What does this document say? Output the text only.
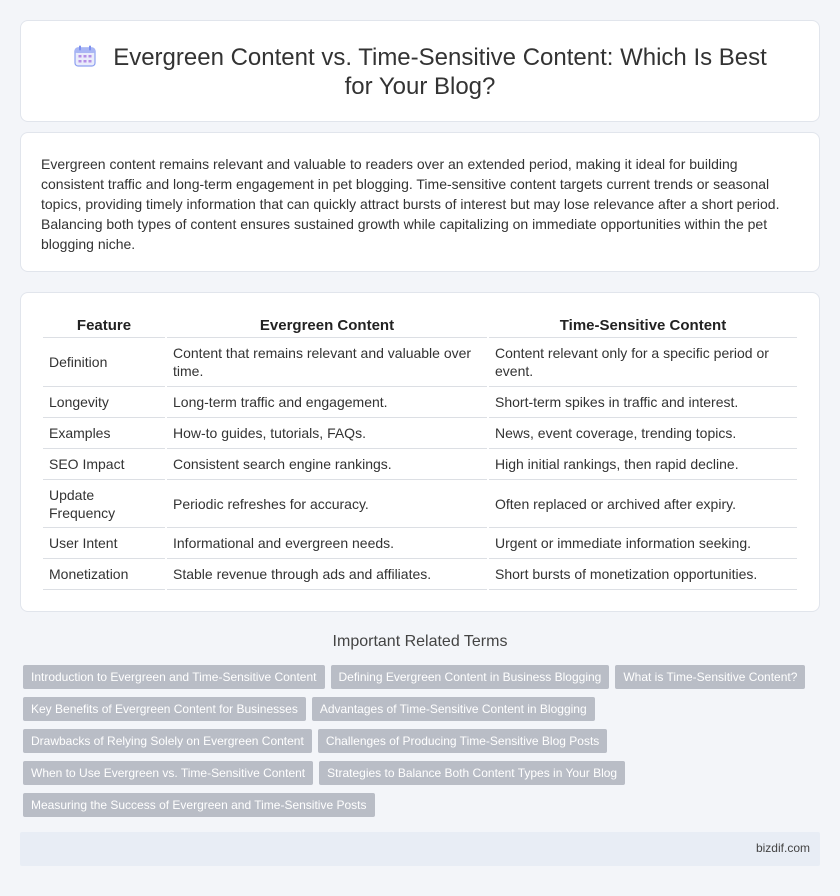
Evergreen Content vs. Time-Sensitive Content: Which Is Best for Your Blog?

Evergreen content remains relevant and valuable to readers over an extended period, making it ideal for building consistent traffic and long-term engagement in pet blogging. Time-sensitive content targets current trends or seasonal topics, providing timely information that can quickly attract bursts of interest but may lose relevance after a short period. Balancing both types of content ensures sustained growth while capitalizing on immediate opportunities within the pet blogging niche.

Feature	Evergreen Content	Time-Sensitive Content
Definition	Content that remains relevant and valuable over time.	Content relevant only for a specific period or event.
Longevity	Long-term traffic and engagement.	Short-term spikes in traffic and interest.
Examples	How-to guides, tutorials, FAQs.	News, event coverage, trending topics.
SEO Impact	Consistent search engine rankings.	High initial rankings, then rapid decline.
Update Frequency	Periodic refreshes for accuracy.	Often replaced or archived after expiry.
User Intent	Informational and evergreen needs.	Urgent or immediate information seeking.
Monetization	Stable revenue through ads and affiliates.	Short bursts of monetization opportunities.
Important Related Terms
Introduction to Evergreen and Time-Sensitive Content	Defining Evergreen Content in Business Blogging	What is Time-Sensitive Content?
Key Benefits of Evergreen Content for Businesses	Advantages of Time-Sensitive Content in Blogging
Drawbacks of Relying Solely on Evergreen Content	Challenges of Producing Time-Sensitive Blog Posts
When to Use Evergreen vs. Time-Sensitive Content	Strategies to Balance Both Content Types in Your Blog
Measuring the Success of Evergreen and Time-Sensitive Posts
bizdif.com
